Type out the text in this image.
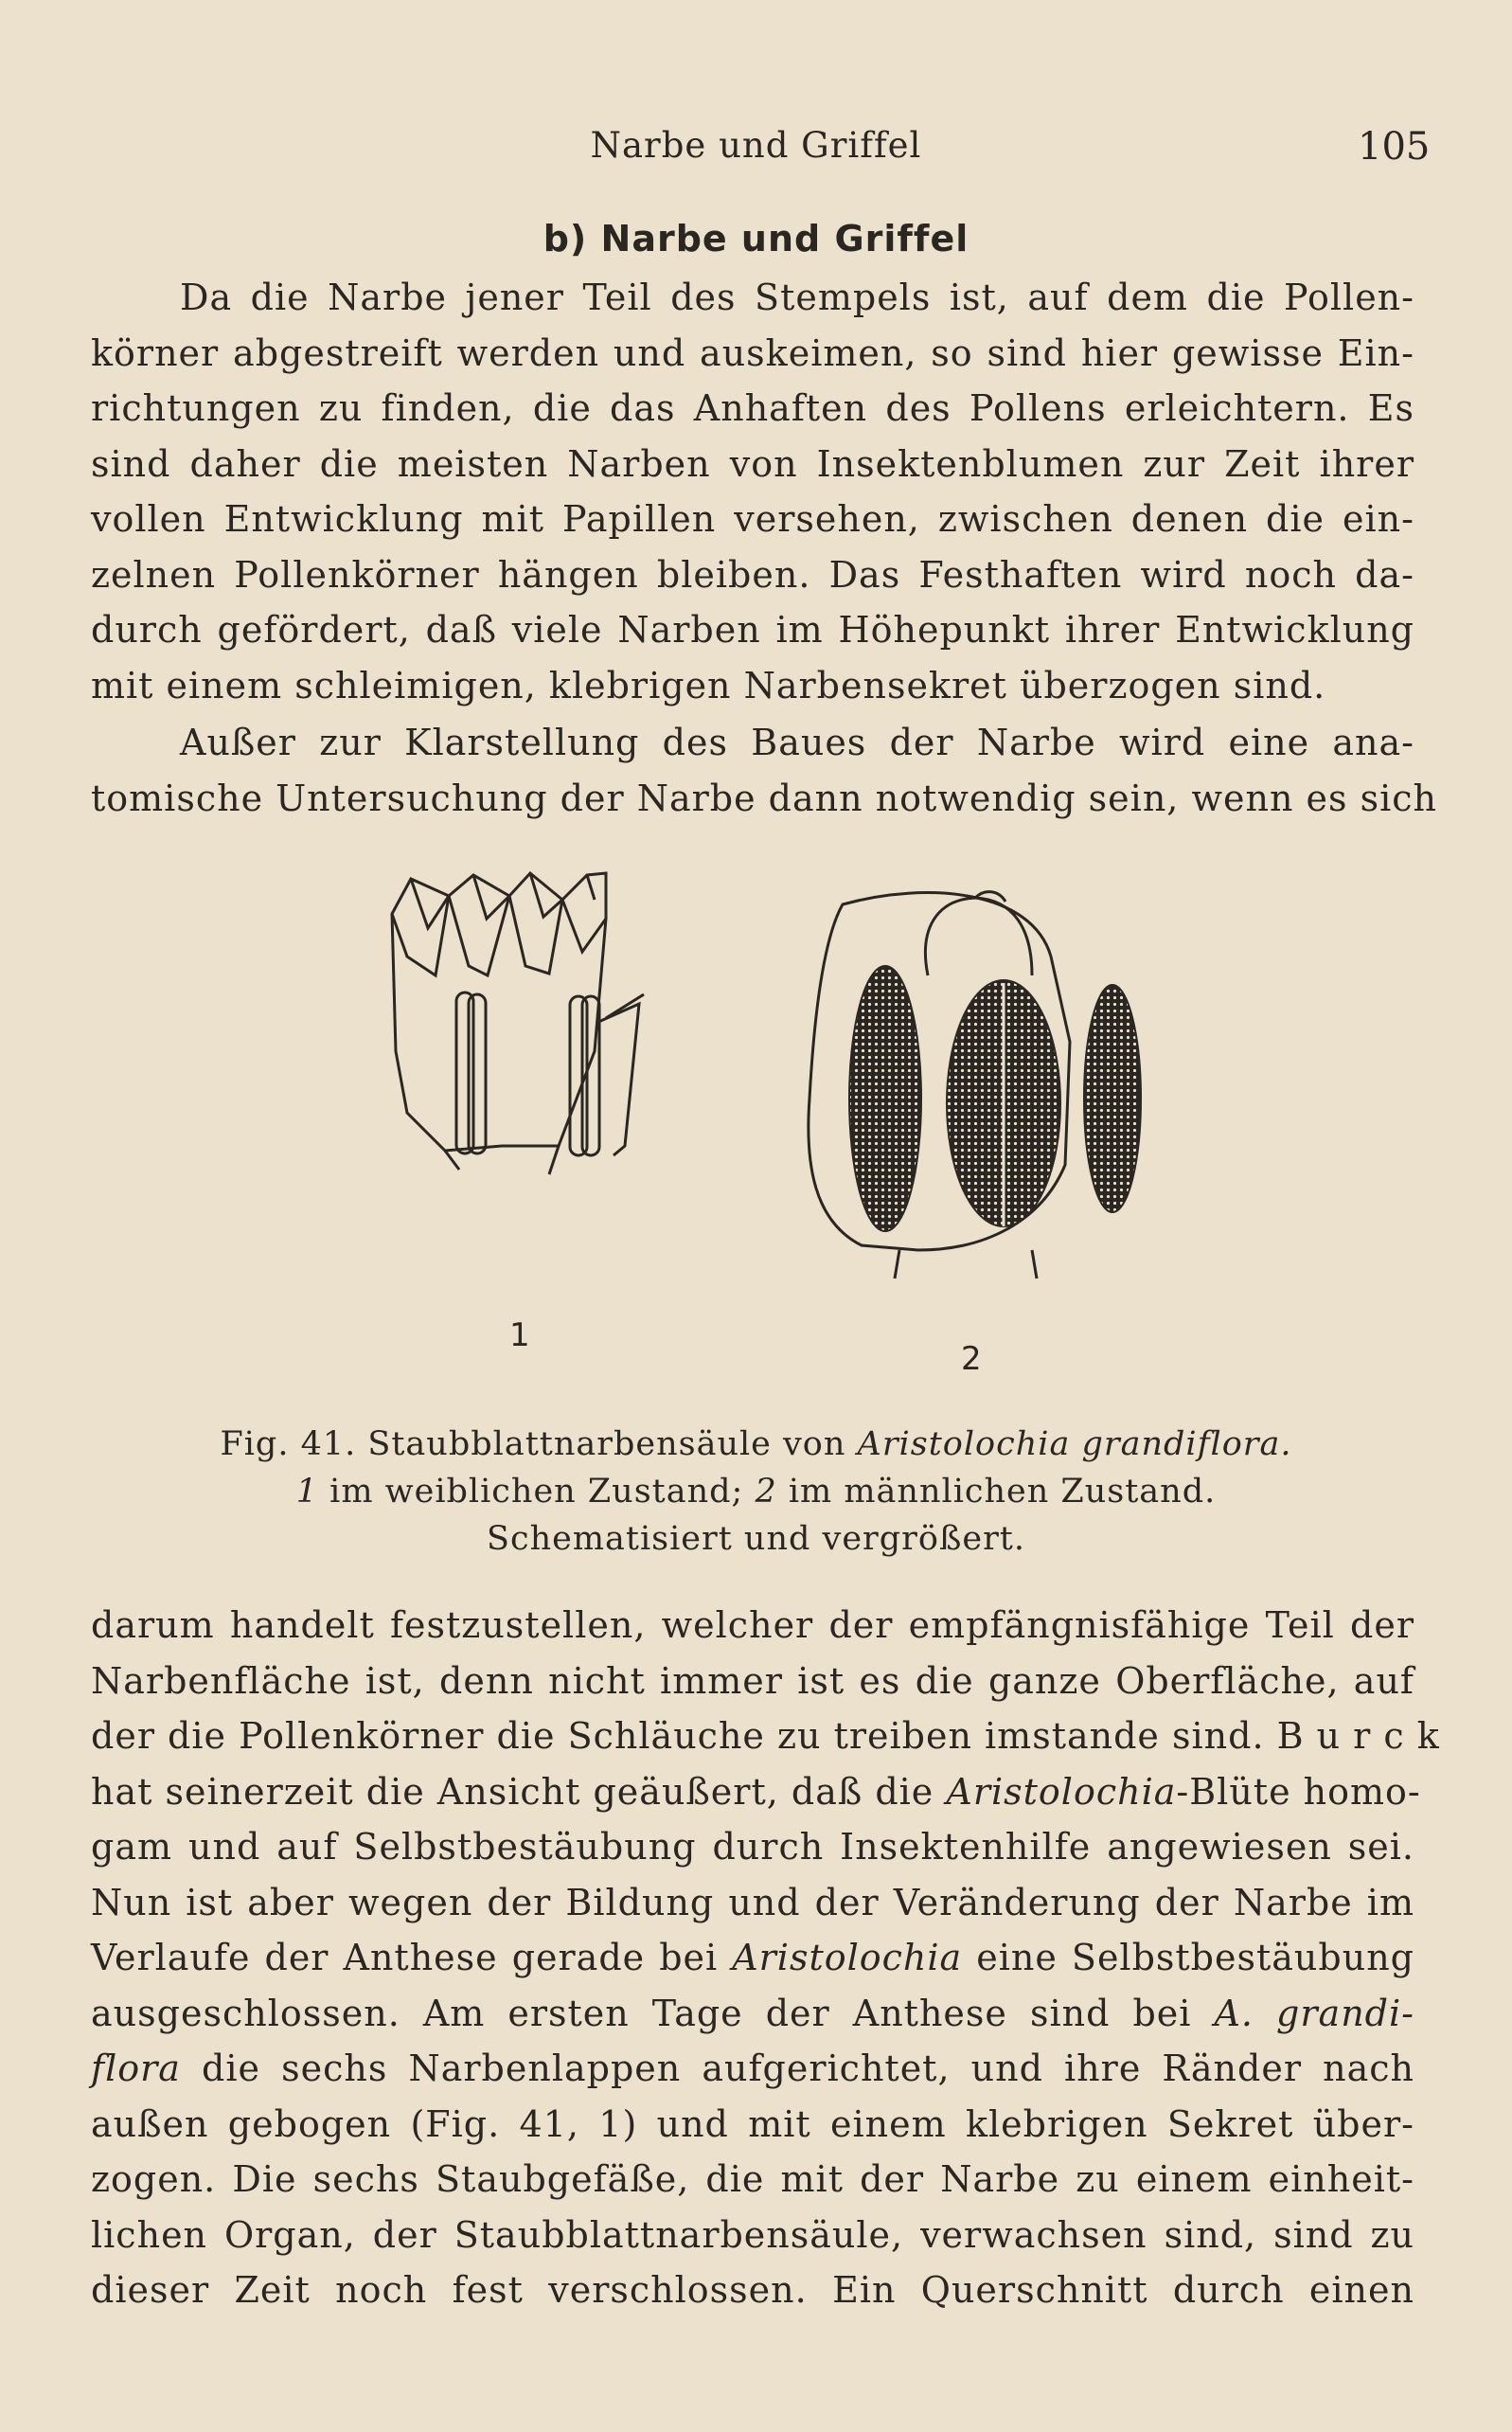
Narbe und Griffel	105
b) Narbe und Griffel
Da die Narbe jener Teil des Stempels ist, auf dem die Pollen-
körner abgestreift werden und auskeimen, so sind hier gewisse Ein-
richtungen zu finden, die das Anhaften des Pollens erleichtern. Es
sind daher die meisten Narben von Insektenblumen zur Zeit ihrer
vollen Entwicklung mit Papillen versehen, zwischen denen die ein-
zelnen Pollenkörner hängen bleiben. Das Festhaften wird noch da-
durch gefördert, daß viele Narben im Höhepunkt ihrer Entwicklung
mit einem schleimigen, klebrigen Narbensekret überzogen sind.
Außer zur Klarstellung des Baues der Narbe wird eine ana-
tomische Untersuchung der Narbe dann notwendig sein, wenn es sich
1
2
Fig. 41. Staubblattnarbensäule von Aristolochia grandiflora.
1 im weiblichen Zustand; 2 im männlichen Zustand.
Schematisiert und vergrößert.
darum handelt festzustellen, welcher der empfängnisfähige Teil der
Narbenfläche ist, denn nicht immer ist es die ganze Oberfläche, auf
der die Pollenkörner die Schläuche zu treiben imstande sind. B u r c k
hat seinerzeit die Ansicht geäußert, daß die Aristolochia-Blüte homo-
gam und auf Selbstbestäubung durch Insektenhilfe angewiesen sei.
Nun ist aber wegen der Bildung und der Veränderung der Narbe im
Verlaufe der Anthese gerade bei Aristolochia eine Selbstbestäubung
ausgeschlossen. Am ersten Tage der Anthese sind bei A. grandi-
flora die sechs Narbenlappen aufgerichtet, und ihre Ränder nach
außen gebogen (Fig. 41, 1) und mit einem klebrigen Sekret über-
zogen. Die sechs Staubgefäße, die mit der Narbe zu einem einheit-
lichen Organ, der Staubblattnarbensäule, verwachsen sind, sind zu
dieser Zeit noch fest verschlossen. Ein Querschnitt durch einen
